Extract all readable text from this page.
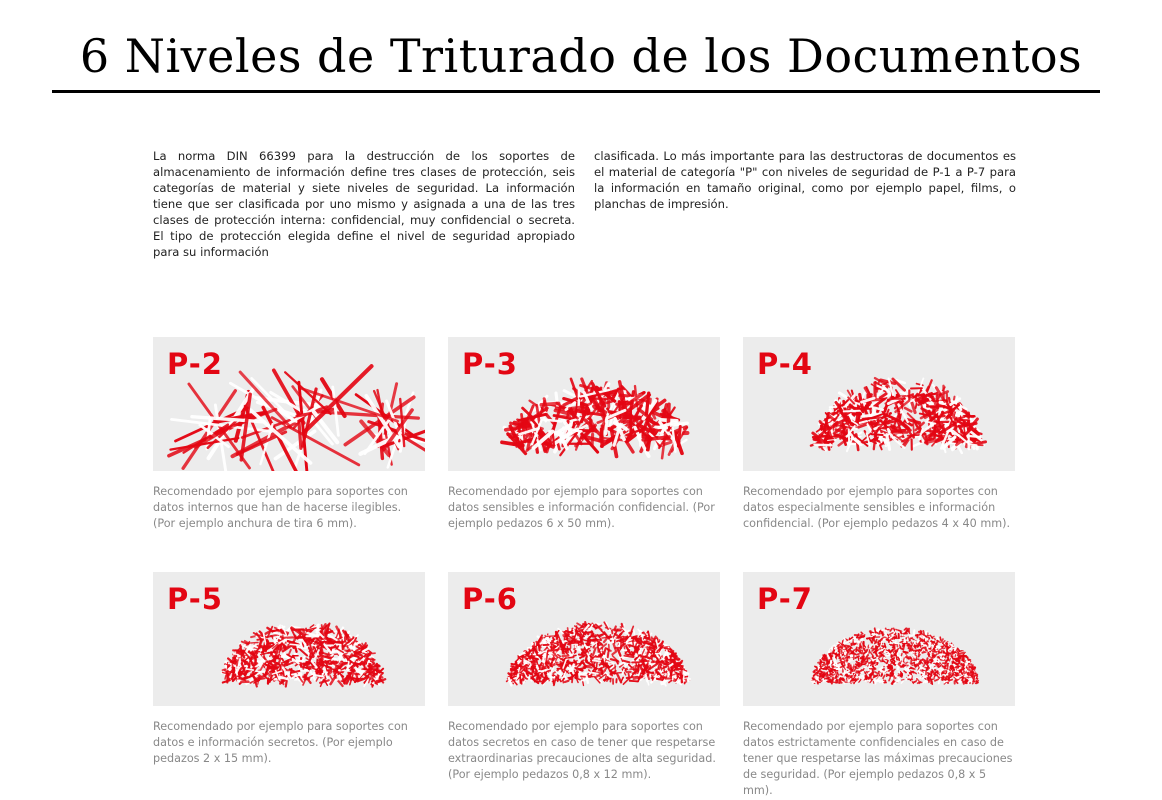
6 Niveles de Triturado de los Documentos
La norma DIN 66399 para la destrucción de los soportes de almacenamiento de información define tres clases de protección, seis categorías de material y siete niveles de seguridad. La información tiene que ser clasificada por uno mismo y asignada a una de las tres clases de protección interna: confidencial, muy confidencial o secreta. El tipo de protección elegida define el nivel de seguridad apropiado para su información
clasificada. Lo más importante para las destructoras de documentos es el material de categoría "P" con niveles de seguridad de P-1 a P-7 para la información en tamaño original, como por ejemplo papel, films, o planchas de impresión.
P-2
Recomendado por ejemplo para soportes con datos internos que han de hacerse ilegibles. (Por ejemplo anchura de tira 6 mm).
P-3
Recomendado por ejemplo para soportes con datos sensibles e información confidencial. (Por ejemplo pedazos 6 x 50 mm).
P-4
Recomendado por ejemplo para soportes con datos especialmente sensibles e información confidencial. (Por ejemplo pedazos 4 x 40 mm).
P-5
Recomendado por ejemplo para soportes con datos e información secretos. (Por ejemplo pedazos 2 x 15 mm).
P-6
Recomendado por ejemplo para soportes con datos secretos en caso de tener que respetarse extraordinarias precauciones de alta seguridad. (Por ejemplo pedazos 0,8 x 12 mm).
P-7
Recomendado por ejemplo para soportes con datos estrictamente confidenciales en caso de tener que respetarse las máximas precauciones de seguridad. (Por ejemplo pedazos 0,8 x 5 mm).
